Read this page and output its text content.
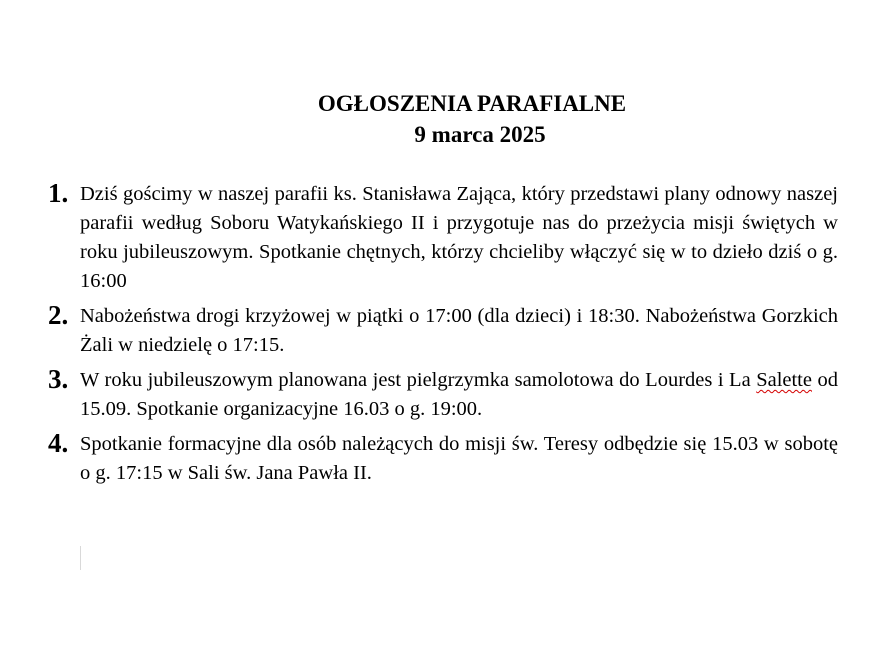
OGŁOSZENIA PARAFIALNE
9 marca 2025
1. Dziś gościmy w naszej parafii ks. Stanisława Zająca, który przedstawi plany odnowy naszej parafii według Soboru Watykańskiego II i przygotuje nas do przeżycia misji świętych w roku jubileuszowym. Spotkanie chętnych, którzy chcieliby włączyć się w to dzieło dziś o g. 16:00
2. Nabożeństwa drogi krzyżowej w piątki o 17:00 (dla dzieci) i 18:30. Nabożeństwa Gorzkich Żali w niedzielę o 17:15.
3. W roku jubileuszowym planowana jest pielgrzymka samolotowa do Lourdes i La Salette od 15.09. Spotkanie organizacyjne 16.03 o g. 19:00.
4. Spotkanie formacyjne dla osób należących do misji św. Teresy odbędzie się 15.03 w sobotę o g. 17:15 w Sali św. Jana Pawła II.
